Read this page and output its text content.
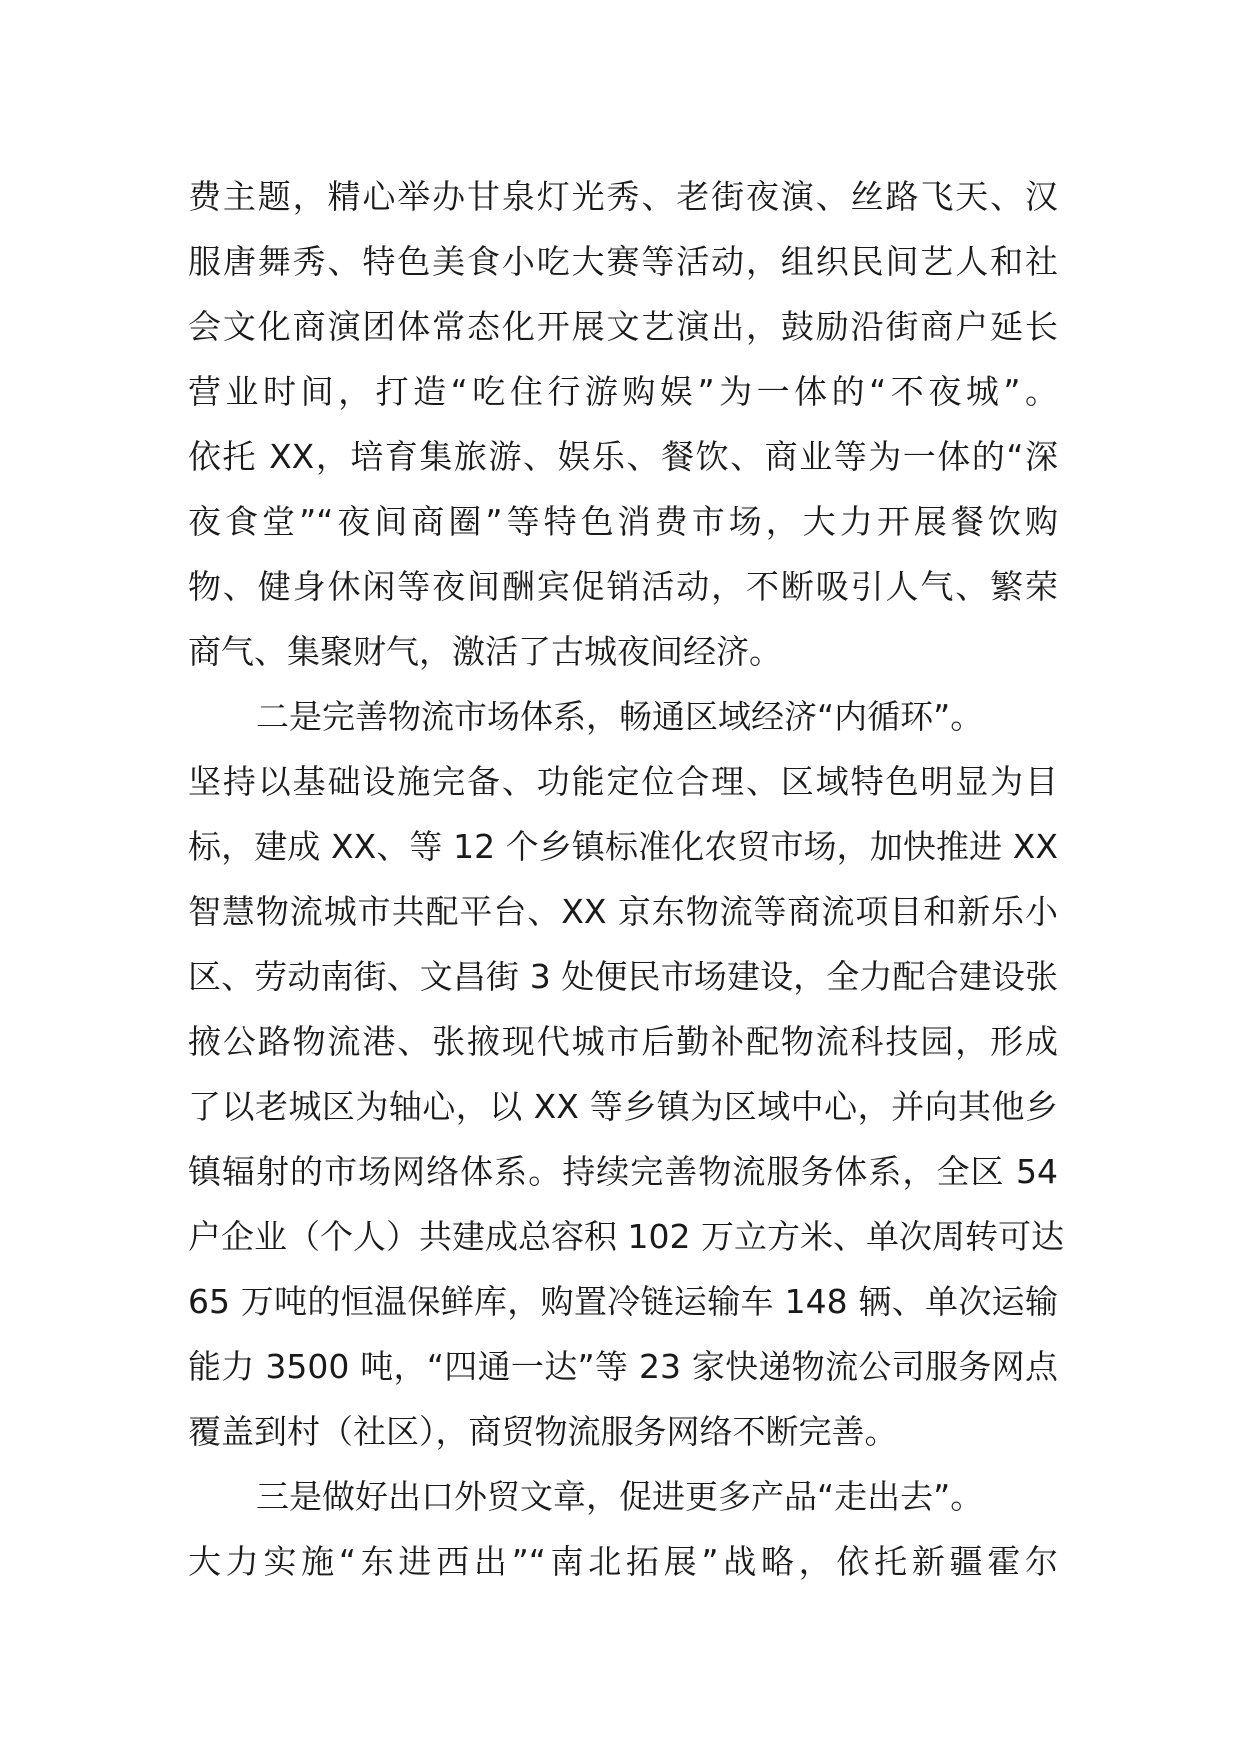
费主题，精心举办甘泉灯光秀、老街夜演、丝路飞天、汉
服唐舞秀、特色美食小吃大赛等活动，组织民间艺人和社
会文化商演团体常态化开展文艺演出，鼓励沿街商户延长
营业时间，打造“吃住行游购娱”为一体的“不夜城”。
依托 XX，培育集旅游、娱乐、餐饮、商业等为一体的“深
夜食堂”“夜间商圈”等特色消费市场，大力开展餐饮购
物、健身休闲等夜间酬宾促销活动，不断吸引人气、繁荣
商气、集聚财气，激活了古城夜间经济。
二是完善物流市场体系，畅通区域经济“内循环”。
坚持以基础设施完备、功能定位合理、区域特色明显为目
标，建成 XX、等 12 个乡镇标准化农贸市场，加快推进 XX
智慧物流城市共配平台、XX 京东物流等商流项目和新乐小
区、劳动南街、文昌街 3 处便民市场建设，全力配合建设张
掖公路物流港、张掖现代城市后勤补配物流科技园，形成
了以老城区为轴心，以 XX 等乡镇为区域中心，并向其他乡
镇辐射的市场网络体系。持续完善物流服务体系，全区 54
户企业（个人）共建成总容积 102 万立方米、单次周转可达
65 万吨的恒温保鲜库，购置冷链运输车 148 辆、单次运输
能力 3500 吨，“四通一达”等 23 家快递物流公司服务网点
覆盖到村（社区），商贸物流服务网络不断完善。
三是做好出口外贸文章，促进更多产品“走出去”。
大力实施“东进西出”“南北拓展”战略，依托新疆霍尔
